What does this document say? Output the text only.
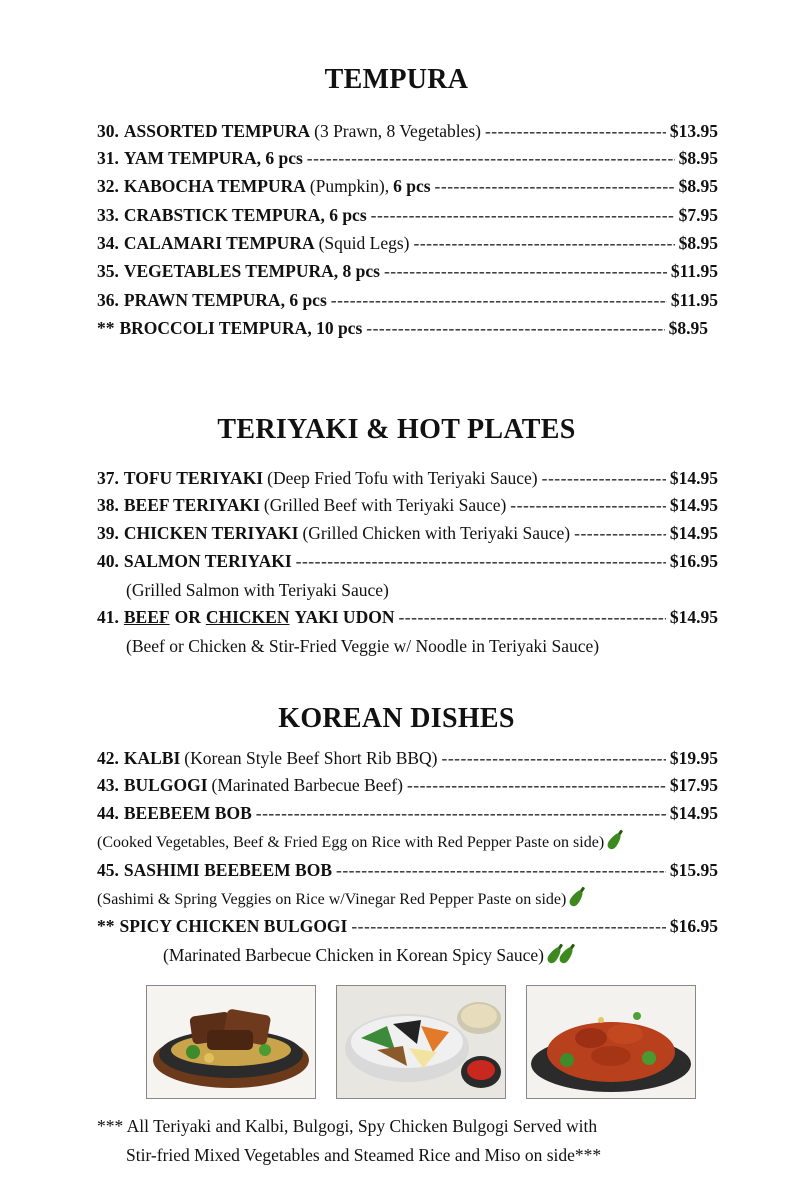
TEMPURA
30. ASSORTED TEMPURA (3 Prawn, 8 Vegetables) -----	$13.95
31. YAM TEMPURA, 6 pcs -----	$8.95
32. KABOCHA TEMPURA (Pumpkin), 6 pcs -----	$8.95
33. CRABSTICK TEMPURA, 6 pcs -----	$7.95
34. CALAMARI TEMPURA (Squid Legs) -----	$8.95
35. VEGETABLES TEMPURA, 8 pcs -----	$11.95
36. PRAWN TEMPURA, 6 pcs -----	$11.95
** BROCCOLI TEMPURA, 10 pcs -----	$8.95
TERIYAKI & HOT PLATES
37. TOFU TERIYAKI (Deep Fried Tofu with Teriyaki Sauce) -----	$14.95
38. BEEF TERIYAKI (Grilled Beef with Teriyaki Sauce) -----	$14.95
39. CHICKEN TERIYAKI (Grilled Chicken with Teriyaki Sauce) -----	$14.95
40. SALMON TERIYAKI -----	$16.95
(Grilled Salmon with Teriyaki Sauce)
41. BEEF OR CHICKEN YAKI UDON -----	$14.95
(Beef or Chicken & Stir-Fried Veggie w/ Noodle in Teriyaki Sauce)
KOREAN DISHES
42. KALBI (Korean Style Beef Short Rib BBQ) -----	$19.95
43. BULGOGI (Marinated Barbecue Beef) -----	$17.95
44. BEEBEEM BOB -----	$14.95
(Cooked Vegetables, Beef & Fried Egg on Rice with Red Pepper Paste on side)
45. SASHIMI BEEBEEM BOB -----	$15.95
(Sashimi & Spring Veggies on Rice w/Vinegar Red Pepper Paste on side)
** SPICY CHICKEN BULGOGI -----	$16.95
(Marinated Barbecue Chicken in Korean Spicy Sauce)
*** All Teriyaki and Kalbi, Bulgogi, Spy Chicken Bulgogi Served with
Stir-fried Mixed Vegetables and Steamed Rice and Miso on side***
